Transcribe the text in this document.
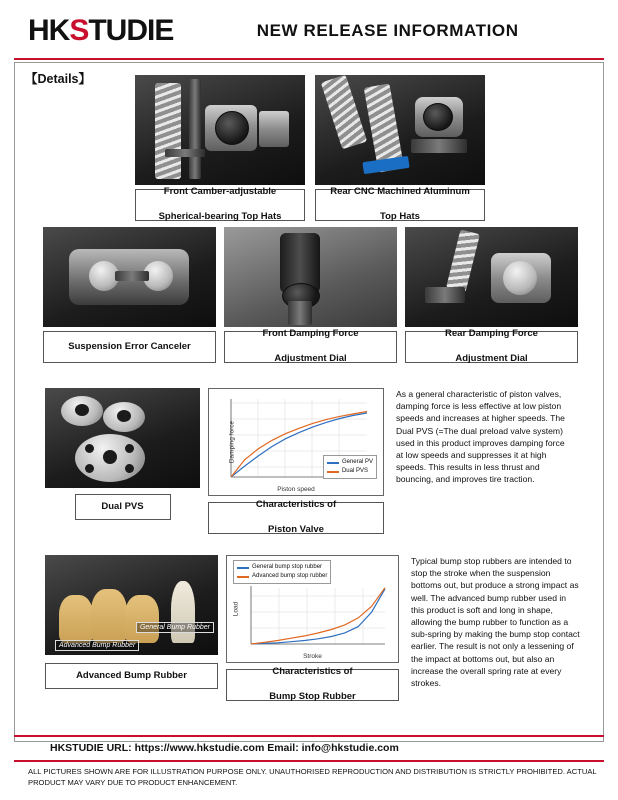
HKSTUDIE	NEW RELEASE INFORMATION
【Details】
Front Camber-adjustable

Spherical-bearing Top Hats
Rear CNC Machined Aluminum

Top Hats
Suspension Error Canceler
Front Damping Force

Adjustment Dial
Rear Damping Force

Adjustment Dial
Dual PVS
Damping force
Piston speed
General PV
Dual PVS
Characteristics of

Piston Valve
As a general characteristic of piston valves, damping force is less effective at low piston speeds and increases at higher speeds. The Dual PVS (=The dual preload valve system) used in this product improves damping force at low speeds and suppresses it at high speeds. This results in less thrust and bouncing, and improves tire traction.
Advanced Bump Rubber
General Bump Rubber
Advanced Bump Rubber
Load
Stroke
General bump stop rubber
Advanced bump stop rubber
Characteristics of

Bump Stop Rubber
Typical bump stop rubbers are intended to stop the stroke when the suspension bottoms out, but produce a strong impact as well. The advanced bump rubber used in this product is soft and long in shape, allowing the bump rubber to function as a sub-spring by making the bump stop contact earlier. The result is not only a lessening of the impact at bottoms out, but also an increase the overall spring rate at every strokes.
HKSTUDIE URL: https://www.hkstudie.com Email: info@hkstudie.com
ALL PICTURES SHOWN ARE FOR ILLUSTRATION PURPOSE ONLY. UNAUTHORISED REPRODUCTION AND DISTRIBUTION IS STRICTLY PROHIBITED. ACTUAL PRODUCT MAY VARY DUE TO PRODUCT ENHANCEMENT.
